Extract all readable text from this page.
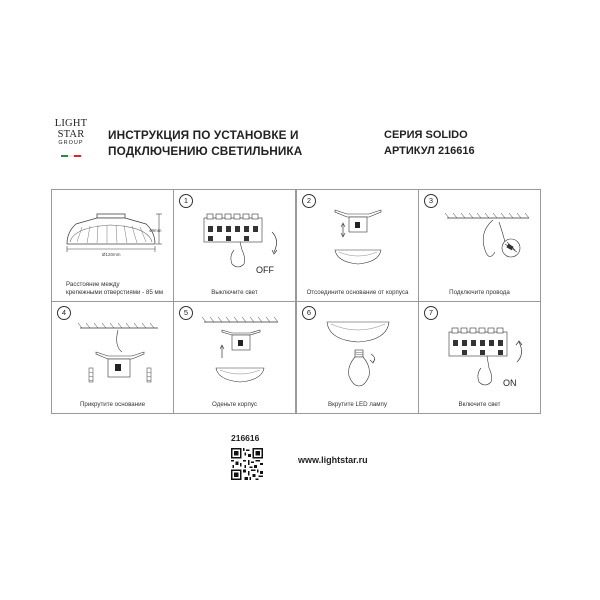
LIGHT
STAR
GROUP
ИНСТРУКЦИЯ ПО УСТАНОВКЕ И
ПОДКЛЮЧЕНИЮ СВЕТИЛЬНИКА
СЕРИЯ SOLIDO
АРТИКУЛ 216616
49mm
Ø120mm
Расстояние между
крепежными отверстиями - 85 мм
1
OFF
Выключите свет
2
Отсоедините основание от корпуса
3
Подключите провода
4
Прикрутите основание
5
Оденьте корпус
6
Вкрутите LED лампу
7
ON
Включите свет
216616
www.lightstar.ru
